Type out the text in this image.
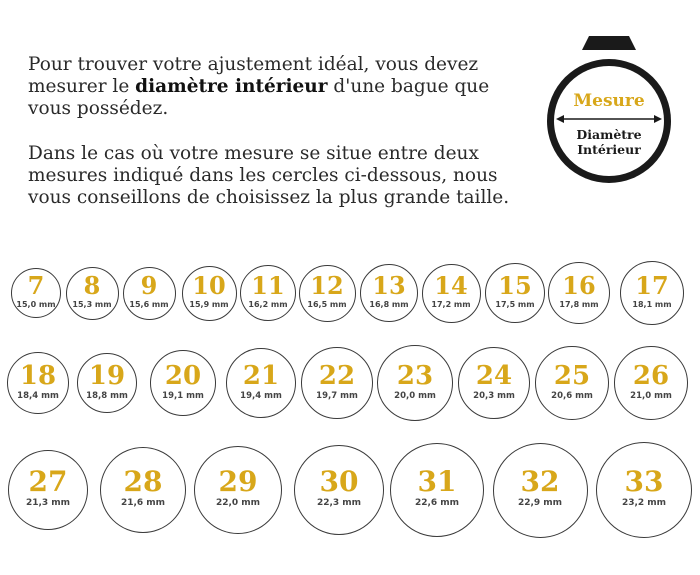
Pour trouver votre ajustement idéal, vous devez
mesurer le diamètre intérieur d'une bague que vous possédez.

Dans le cas où votre mesure se situe entre deux mesures indiqué dans les cercles ci-dessous, nous vous conseillons de choisissez la plus grande taille.

Mesure
Diamètre
Intérieur
7
15,0 mm
8
15,3 mm
9
15,6 mm
10
15,9 mm
11
16,2 mm
12
16,5 mm
13
16,8 mm
14
17,2 mm
15
17,5 mm
16
17,8 mm
17
18,1 mm
18
18,4 mm
19
18,8 mm
20
19,1 mm
21
19,4 mm
22
19,7 mm
23
20,0 mm
24
20,3 mm
25
20,6 mm
26
21,0 mm
27
21,3 mm
28
21,6 mm
29
22,0 mm
30
22,3 mm
31
22,6 mm
32
22,9 mm
33
23,2 mm
